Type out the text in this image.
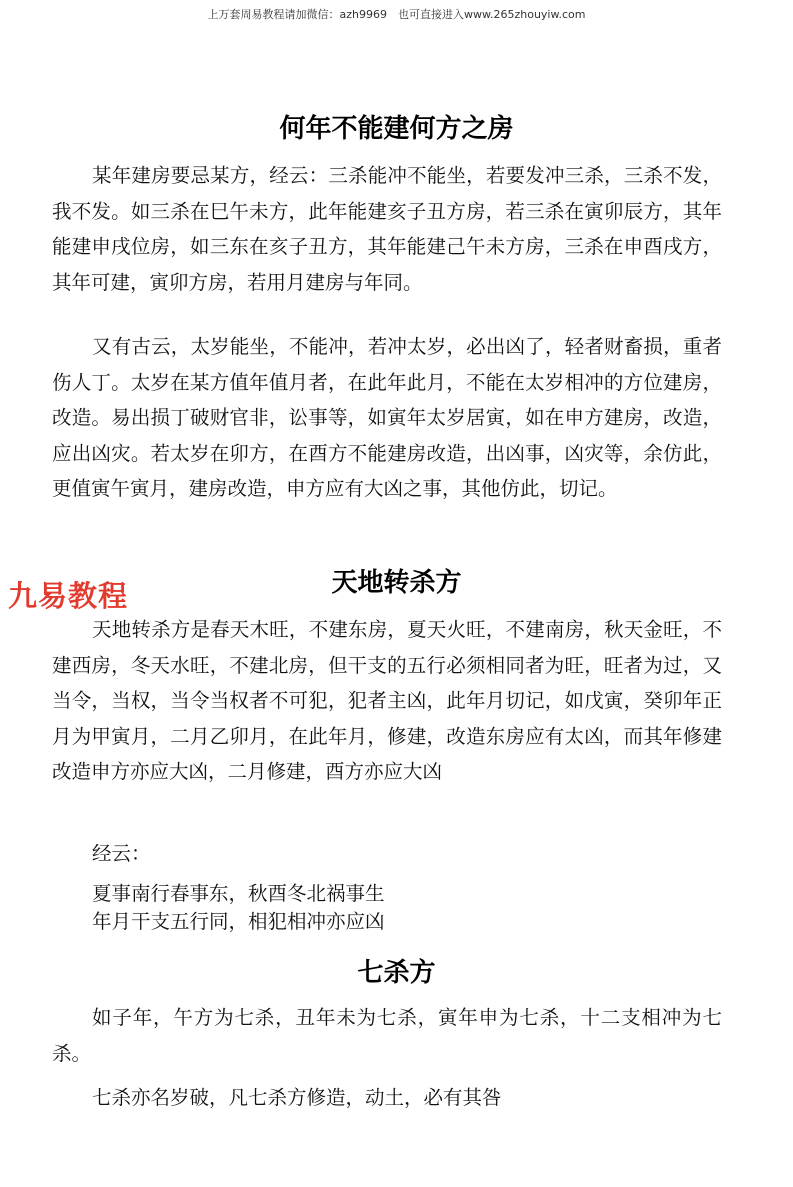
上万套周易教程请加微信：azh9969　也可直接进入www.265zhouyiw.com
何年不能建何方之房

某年建房要忌某方，经云：三杀能冲不能坐，若要发冲三杀，三杀不发，我不发。如三杀在巳午未方，此年能建亥子丑方房，若三杀在寅卯辰方，其年能建申戌位房，如三东在亥子丑方，其年能建己午未方房，三杀在申酉戌方，其年可建，寅卯方房，若用月建房与年同。

又有古云，太岁能坐，不能冲，若冲太岁，必出凶了，轻者财畜损，重者伤人丁。太岁在某方值年值月者，在此年此月，不能在太岁相冲的方位建房，改造。易出损丁破财官非，讼事等，如寅年太岁居寅，如在申方建房，改造，应出凶灾。若太岁在卯方，在酉方不能建房改造，出凶事，凶灾等，余仿此，更值寅午寅月，建房改造，申方应有大凶之事，其他仿此，切记。

天地转杀方
九易教程

天地转杀方是春天木旺，不建东房，夏天火旺，不建南房，秋天金旺，不建西房，冬天水旺，不建北房，但干支的五行必须相同者为旺，旺者为过，又当令，当权，当令当权者不可犯，犯者主凶，此年月切记，如戊寅，癸卯年正月为甲寅月，二月乙卯月，在此年月，修建，改造东房应有太凶，而其年修建改造申方亦应大凶，二月修建，酉方亦应大凶

经云：

夏事南行春事东，秋酉冬北祸事生

年月干支五行同，相犯相冲亦应凶

七杀方

如子年，午方为七杀，丑年未为七杀，寅年申为七杀，十二支相冲为七杀。

七杀亦名岁破，凡七杀方修造，动土，必有其咎
